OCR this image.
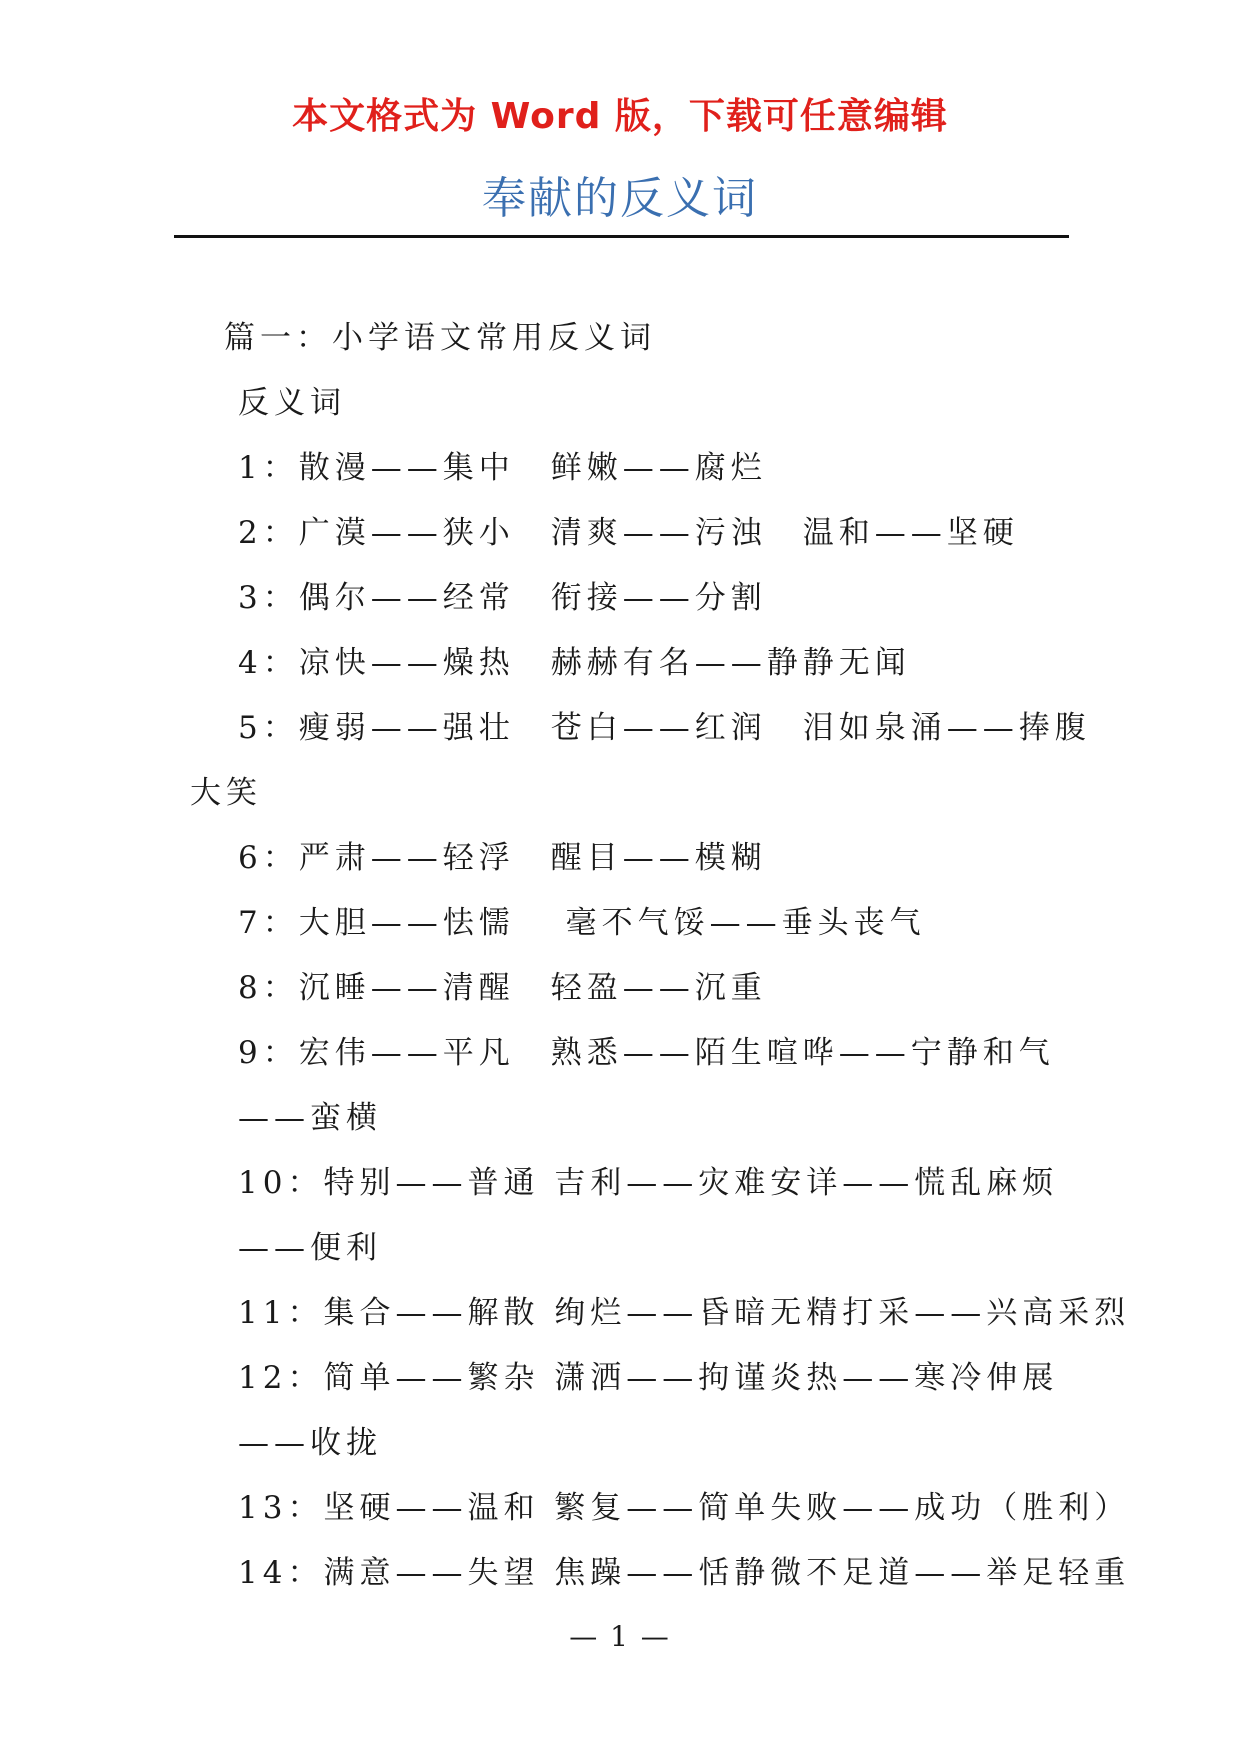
本文格式为 Word 版，下载可任意编辑
奉献的反义词
篇一：小学语文常用反义词
反义词
1：散漫——集中　鲜嫩——腐烂
2：广漠——狭小　清爽——污浊　温和——坚硬
3：偶尔——经常　衔接——分割
4：凉快——燥热　赫赫有名——静静无闻
5：瘦弱——强壮　苍白——红润　泪如泉涌——捧腹
大笑
6：严肃——轻浮　醒目——模糊
7：大胆——怯懦　 毫不气馁——垂头丧气
8：沉睡——清醒　轻盈——沉重
9：宏伟——平凡　熟悉——陌生喧哗——宁静和气
——蛮横
10：特别——普通 吉利——灾难安详——慌乱麻烦
——便利
11：集合——解散 绚烂——昏暗无精打采——兴高采烈
12：简单——繁杂 潇洒——拘谨炎热——寒冷伸展
——收拢
13：坚硬——温和 繁复——简单失败——成功（胜利）
14：满意——失望 焦躁——恬静微不足道——举足轻重
— 1 —
